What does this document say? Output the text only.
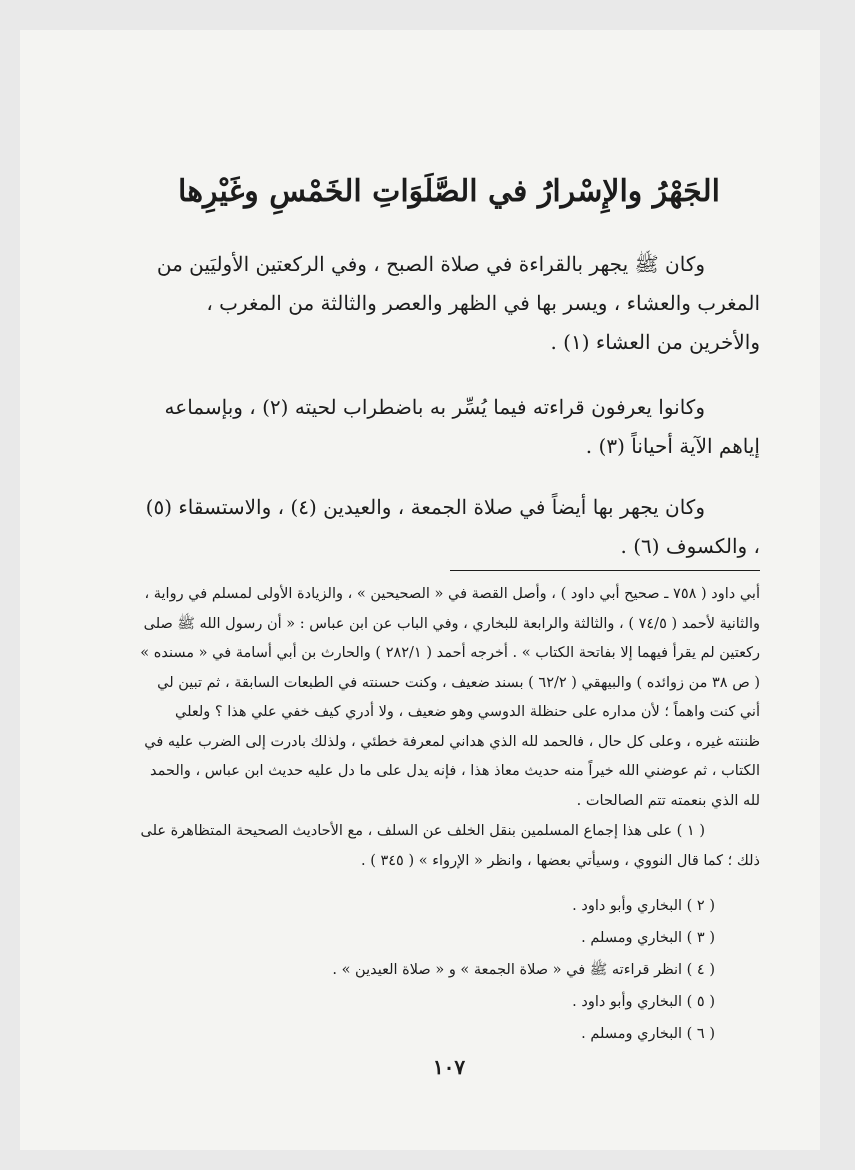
الجَهْرُ والإِسْرارُ في الصَّلَوَاتِ الخَمْسِ وغَيْرِها

وكان ﷺ يجهر بالقراءة في صلاة الصبح ، وفي الركعتين الأوليَين من المغرب والعشاء ، ويسر بها في الظهر والعصر والثالثة من المغرب ، والأخرين من العشاء (١) .

وكانوا يعرفون قراءته فيما يُسِّر به باضطراب لحيته (٢) ، وبإسماعه إياهم الآية أحياناً (٣) .

وكان يجهر بها أيضاً في صلاة الجمعة ، والعيدين (٤) ، والاستسقاء (٥) ، والكسوف (٦) .

أبي داود ( ٧٥٨ ـ صحيح أبي داود ) ، وأصل القصة في « الصحيحين » ، والزيادة الأولى لمسلم في رواية ، والثانية لأحمد ( ٧٤/٥ ) ، والثالثة والرابعة للبخاري ، وفي الباب عن ابن عباس : « أن رسول الله ﷺ صلى ركعتين لم يقرأ فيهما إلا بفاتحة الكتاب » . أخرجه أحمد ( ٢٨٢/١ ) والحارث بن أبي أسامة في « مسنده » ( ص ٣٨ من زوائده ) والبيهقي ( ٦٢/٢ ) بسند ضعيف ، وكنت حسنته في الطبعات السابقة ، ثم تبين لي أني كنت واهماً ؛ لأن مداره على حنظلة الدوسي وهو ضعيف ، ولا أدري كيف خفي علي هذا ؟ ولعلي ظننته غيره ، وعلى كل حال ، فالحمد لله الذي هداني لمعرفة خطئي ، ولذلك بادرت إلى الضرب عليه في الكتاب ، ثم عوضني الله خيراً منه حديث معاذ هذا ، فإنه يدل على ما دل عليه حديث ابن عباس ، والحمد لله الذي بنعمته تتم الصالحات .

( ١ ) على هذا إجماع المسلمين بنقل الخلف عن السلف ، مع الأحاديث الصحيحة المتظاهرة على ذلك ؛ كما قال النووي ، وسيأتي بعضها ، وانظر « الإرواء » ( ٣٤٥ ) .

( ٢ ) البخاري وأبو داود .
( ٣ ) البخاري ومسلم .
( ٤ ) انظر قراءته ﷺ في « صلاة الجمعة » و « صلاة العيدين » .
( ٥ ) البخاري وأبو داود .
( ٦ ) البخاري ومسلم .
١٠٧
